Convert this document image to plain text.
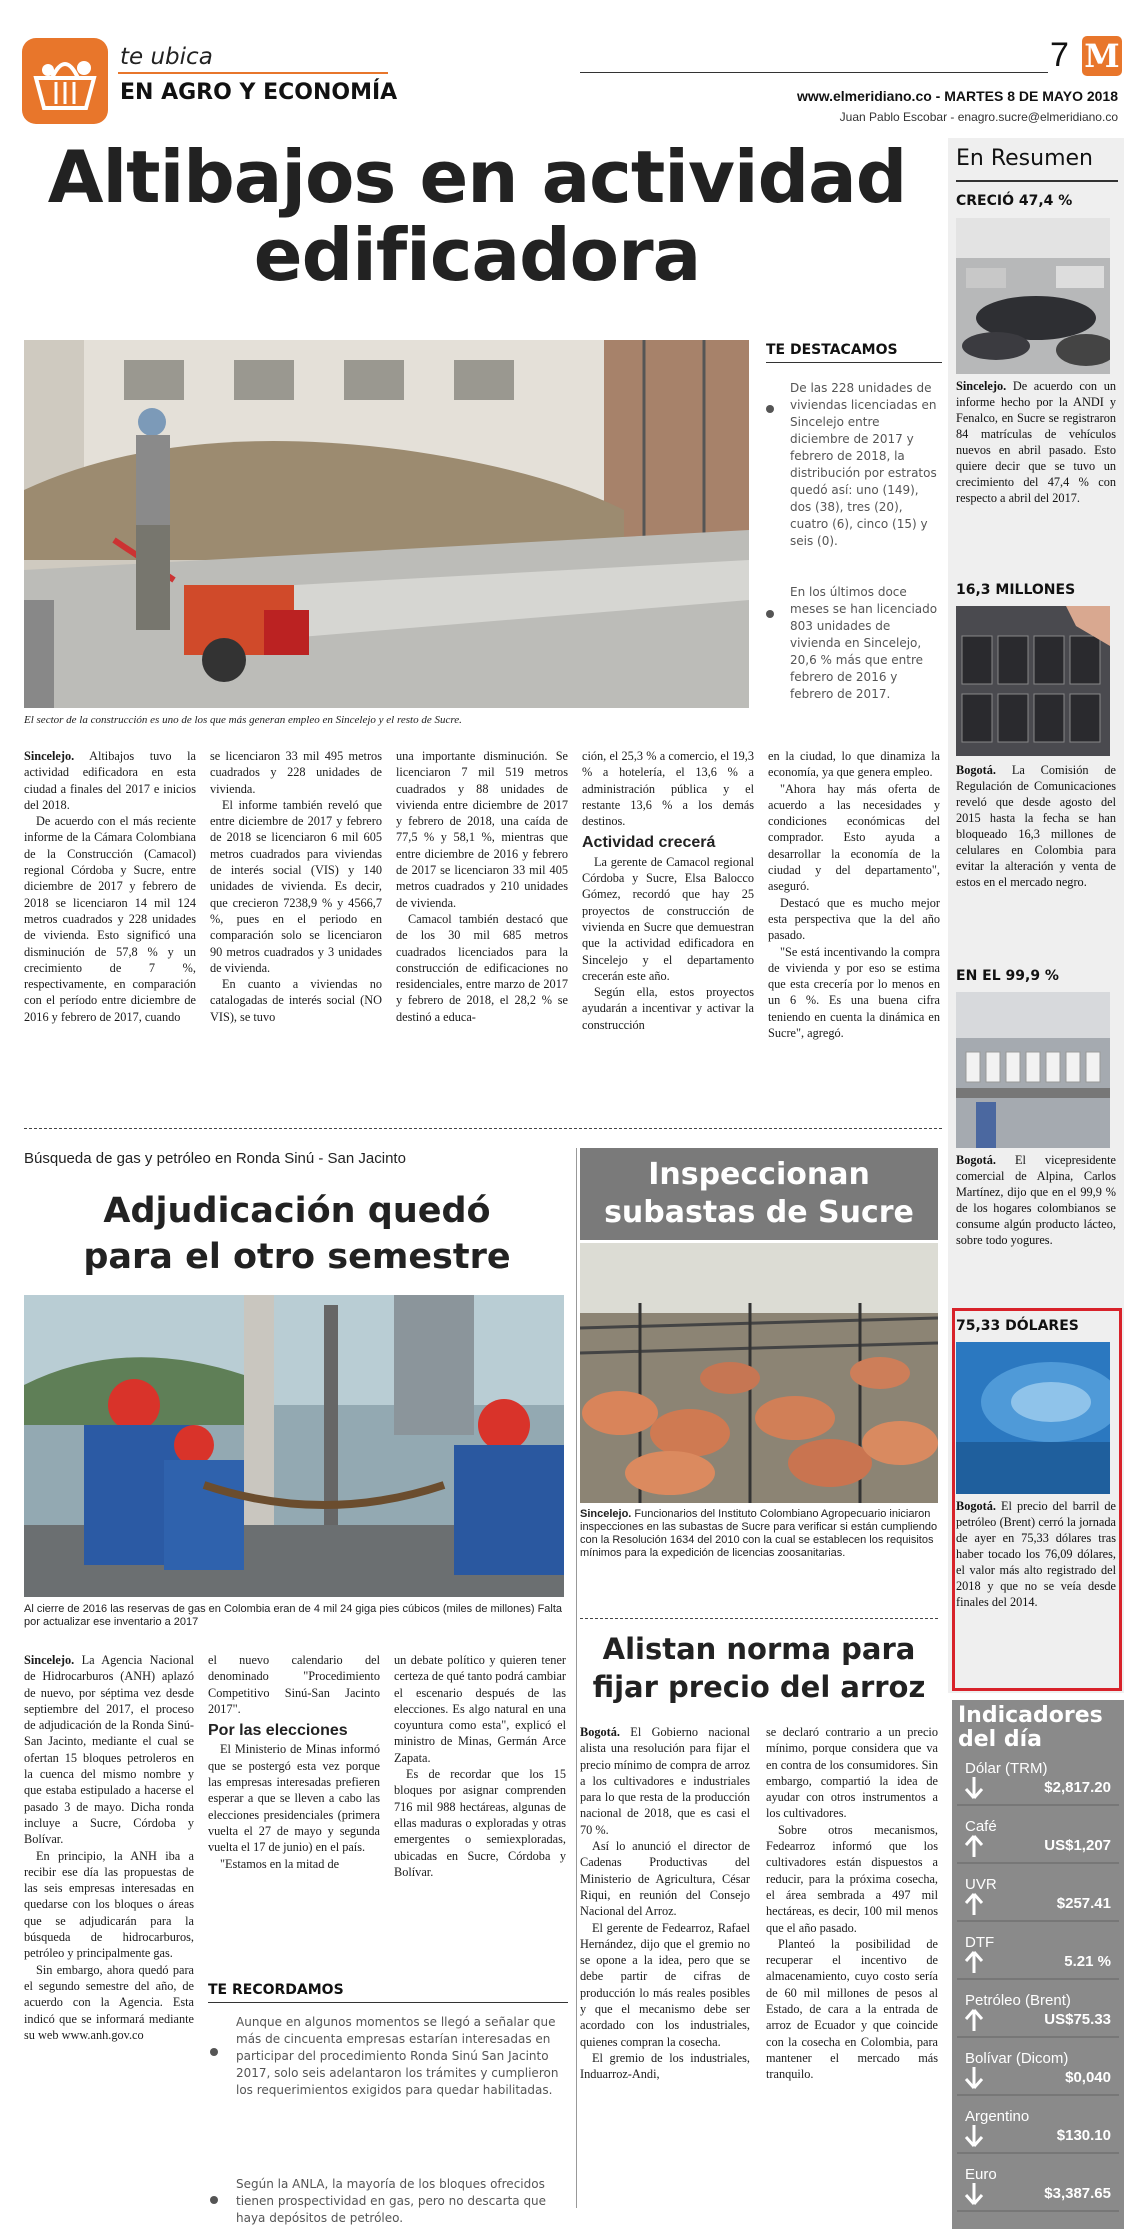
te ubica
EN AGRO Y ECONOMÍA
7 M
www.elmeridiano.co - MARTES 8 DE MAYO 2018
Juan Pablo Escobar - enagro.sucre@elmeridiano.co
Altibajos en actividad
edificadora
El sector de la construcción es uno de los que más generan empleo en Sincelejo y el resto de Sucre.
TE DESTACAMOS
De las 228 unidades de viviendas licenciadas en Sincelejo entre diciembre de 2017 y febrero de 2018, la distribución por estratos quedó así: uno (149), dos (38), tres (20), cuatro (6), cinco (15) y seis (0).
En los últimos doce meses se han licenciado 803 unidades de vivienda en Sincelejo, 20,6 % más que entre febrero de 2016 y febrero de 2017.

Sincelejo. Altibajos tuvo la actividad edificadora en esta ciudad a finales del 2017 e inicios del 2018.

De acuerdo con el más reciente informe de la Cámara Colombiana de la Construcción (Camacol) regional Córdoba y Sucre, entre diciembre de 2017 y febrero de 2018 se licenciaron 14 mil 124 metros cuadrados y 228 unidades de vivienda. Esto significó una disminución de 57,8 % y un crecimiento de 7 %, respectivamente, en comparación con el período entre diciembre de 2016 y febrero de 2017, cuando

se licenciaron 33 mil 495 metros cuadrados y 228 unidades de vivienda.

El informe también reveló que entre diciembre de 2017 y febrero de 2018 se licenciaron 6 mil 605 metros cuadrados para viviendas de interés social (VIS) y 140 unidades de vivienda. Es decir, que crecieron 7238,9 % y 4566,7 %, pues en el periodo en comparación solo se licenciaron 90 metros cuadrados y 3 unidades de vivienda.

En cuanto a viviendas no catalogadas de interés social (NO VIS), se tuvo

una importante disminución. Se licenciaron 7 mil 519 metros cuadrados y 88 unidades de vivienda entre diciembre de 2017 y febrero de 2018, una caída de 77,5 % y 58,1 %, mientras que entre diciembre de 2016 y febrero de 2017 se licenciaron 33 mil 405 metros cuadrados y 210 unidades de vivienda.

Camacol también destacó que de los 30 mil 685 metros cuadrados licenciados para la construcción de edificaciones no residenciales, entre marzo de 2017 y febrero de 2018, el 28,2 % se destinó a educa-

ción, el 25,3 % a comercio, el 19,3 % a hotelería, el 13,6 % a administración pública y el restante 13,6 % a los demás destinos.

Actividad crecerá

La gerente de Camacol regional Córdoba y Sucre, Elsa Balocco Gómez, recordó que hay 25 proyectos de construcción de vivienda en Sucre que demuestran que la actividad edificadora en Sincelejo y el departamento crecerán este año.

Según ella, estos proyectos ayudarán a incentivar y activar la construcción

en la ciudad, lo que dinamiza la economía, ya que genera empleo.

"Ahora hay más oferta de acuerdo a las necesidades y condiciones económicas del comprador. Esto ayuda a desarrollar la economía de la ciudad y del departamento", aseguró.

Destacó que es mucho mejor esta perspectiva que la del año pasado.

"Se está incentivando la compra de vivienda y por eso se estima que esta crecería por lo menos en un 6 %. Es una buena cifra teniendo en cuenta la dinámica en Sucre", agregó.

Búsqueda de gas y petróleo en Ronda Sinú - San Jacinto
Adjudicación quedó
para el otro semestre
Al cierre de 2016 las reservas de gas en Colombia eran de 4 mil 24 giga pies cúbicos (miles de millones) Falta por actualizar ese inventario a 2017

Sincelejo. La Agencia Nacional de Hidrocarburos (ANH) aplazó de nuevo, por séptima vez desde septiembre del 2017, el proceso de adjudicación de la Ronda Sinú-San Jacinto, mediante el cual se ofertan 15 bloques petroleros en la cuenca del mismo nombre y que estaba estipulado a hacerse el pasado 3 de mayo. Dicha ronda incluye a Sucre, Córdoba y Bolívar.

En principio, la ANH iba a recibir ese día las propuestas de las seis empresas interesadas en quedarse con los bloques o áreas que se adjudicarán para la búsqueda de hidrocarburos, petróleo y principalmente gas.

Sin embargo, ahora quedó para el segundo semestre del año, de acuerdo con la Agencia. Esta indicó que se informará mediante su web www.anh.gov.co

el nuevo calendario del denominado "Procedimiento Competitivo Sinú-San Jacinto 2017".

Por las elecciones

El Ministerio de Minas informó que se postergó esta vez porque las empresas interesadas prefieren esperar a que se lleven a cabo las elecciones presidenciales (primera vuelta el 27 de mayo y segunda vuelta el 17 de junio) en el país.

"Estamos en la mitad de

un debate político y quieren tener certeza de qué tanto podrá cambiar el escenario después de las elecciones. Es algo natural en una coyuntura como esta", explicó el ministro de Minas, Germán Arce Zapata.

Es de recordar que los 15 bloques por asignar comprenden 716 mil 988 hectáreas, algunas de ellas maduras o exploradas y otras emergentes o semiexploradas, ubicadas en Sucre, Córdoba y Bolívar.

TE RECORDAMOS
Aunque en algunos momentos se llegó a señalar que más de cincuenta empresas estarían interesadas en participar del procedimiento Ronda Sinú San Jacinto 2017, solo seis adelantaron los trámites y cumplieron los requerimientos exigidos para quedar habilitadas.
Según la ANLA, la mayoría de los bloques ofrecidos tienen prospectividad en gas, pero no descarta que haya depósitos de petróleo.
Inspeccionan
subastas de Sucre
Sincelejo. Funcionarios del Instituto Colombiano Agropecuario iniciaron inspecciones en las subastas de Sucre para verificar si están cumpliendo con la Resolución 1634 del 2010 con la cual se establecen los requisitos mínimos para la expedición de licencias zoosanitarias.
Alistan norma para
fijar precio del arroz

Bogotá. El Gobierno nacional alista una resolución para fijar el precio mínimo de compra de arroz a los cultivadores e industriales para lo que resta de la producción nacional de 2018, que es casi el 70 %.

Así lo anunció el director de Cadenas Productivas del Ministerio de Agricultura, César Riqui, en reunión del Consejo Nacional del Arroz.

El gerente de Fedearroz, Rafael Hernández, dijo que el gremio no se opone a la idea, pero que se debe partir de cifras de producción lo más reales posibles y que el mecanismo debe ser acordado con los industriales, quienes compran la cosecha.

El gremio de los industriales, Induarroz-Andi,

se declaró contrario a un precio mínimo, porque considera que va en contra de los consumidores. Sin embargo, compartió la idea de ayudar con otros instrumentos a los cultivadores.

Sobre otros mecanismos, Fedearroz informó que los cultivadores están dispuestos a reducir, para la próxima cosecha, el área sembrada a 497 mil hectáreas, es decir, 100 mil menos que el año pasado.

Planteó la posibilidad de recuperar el incentivo de almacenamiento, cuyo costo sería de 60 mil millones de pesos al Estado, de cara a la entrada de arroz de Ecuador y que coincide con la cosecha en Colombia, para mantener el mercado más tranquilo.

En Resumen
CRECIÓ 47,4 %
Sincelejo. De acuerdo con un informe hecho por la ANDI y Fenalco, en Sucre se registraron 84 matrículas de vehículos nuevos en abril pasado. Esto quiere decir que se tuvo un crecimiento del 47,4 % con respecto a abril del 2017.
16,3 MILLONES
Bogotá. La Comisión de Regulación de Comunicaciones reveló que desde agosto del 2015 hasta la fecha se han bloqueado 16,3 millones de celulares en Colombia para evitar la alteración y venta de estos en el mercado negro.
EN EL 99,9 %
Bogotá. El vicepresidente comercial de Alpina, Carlos Martínez, dijo que en el 99,9 % de los hogares colombianos se consume algún producto lácteo, sobre todo yogures.
75,33 DÓLARES
Bogotá. El precio del barril de petróleo (Brent) cerró la jornada de ayer en 75,33 dólares tras haber tocado los 76,09 dólares, el valor más alto registrado del 2018 y que no se veía desde finales del 2014.
Indicadores
del día
Dólar (TRM)
$2,817.20
Café
US$1,207
UVR
$257.41
DTF
5.21 %
Petróleo (Brent)
US$75.33
Bolívar (Dicom)
$0,040
Argentino
$130.10
Euro
$3,387.65
